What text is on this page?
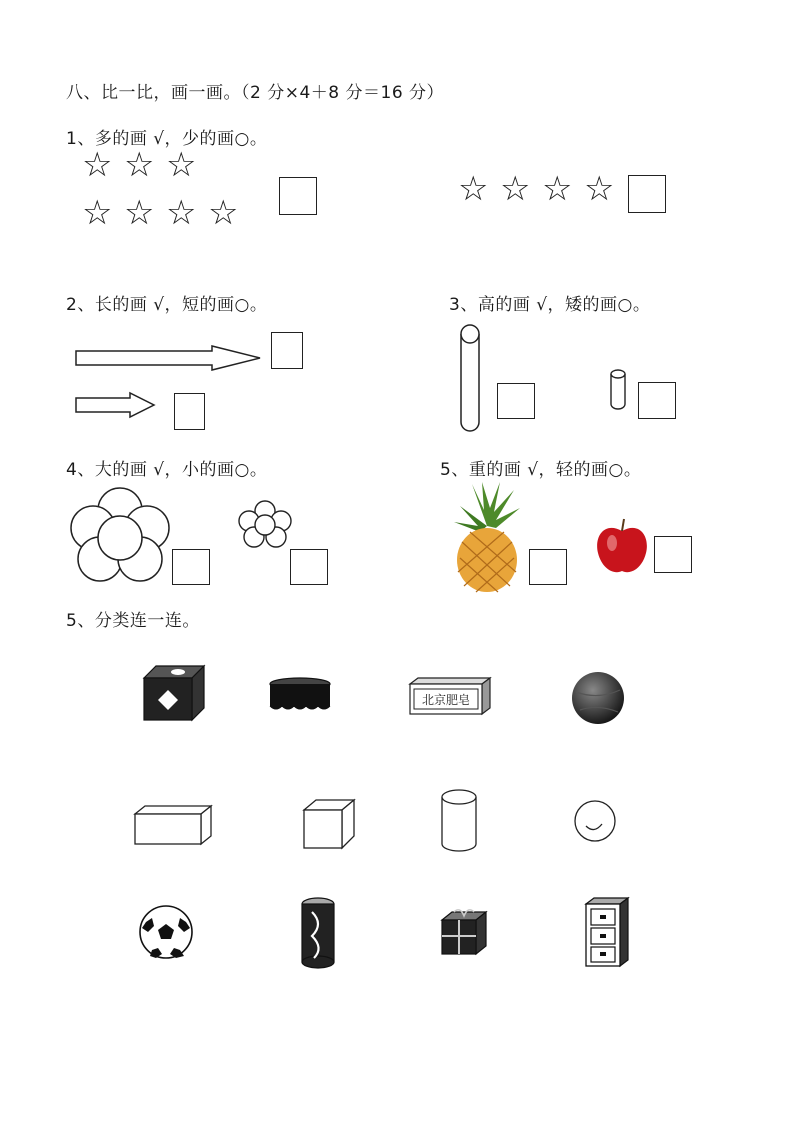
八、比一比，画一画。（2 分×4＋8 分＝16 分）
1、多的画 √，少的画○。
☆ ☆ ☆
☆ ☆ ☆ ☆
☆ ☆ ☆ ☆
2、长的画 √，短的画○。	3、高的画 √，矮的画○。
4、大的画 √，小的画○。	5、重的画 √，轻的画○。
5、分类连一连。
北京肥皂
